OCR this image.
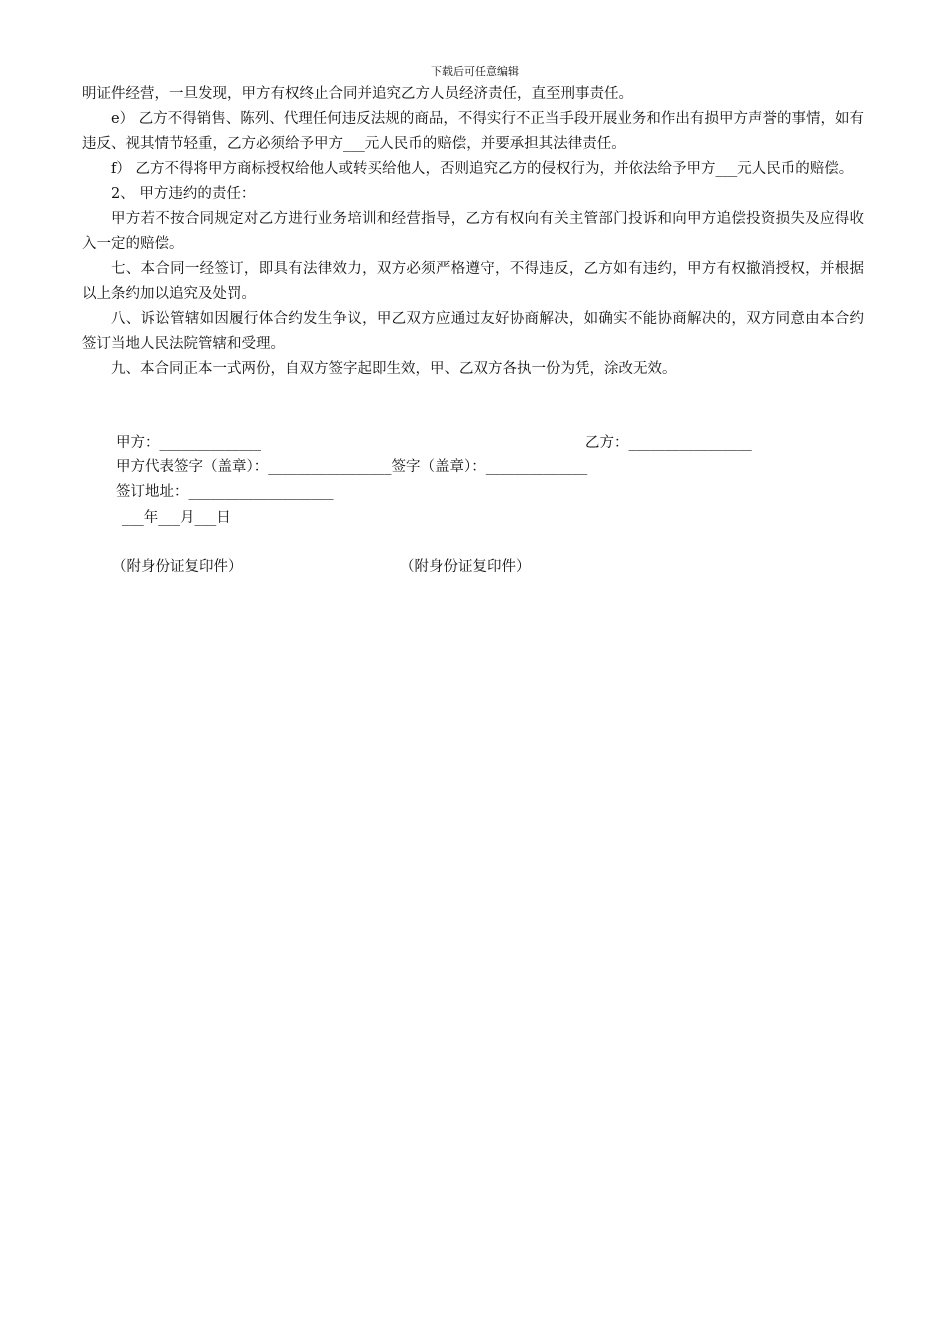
下载后可任意编辑

明证件经营，一旦发现，甲方有权终止合同并追究乙方人员经济责任，直至刑事责任。

e） 乙方不得销售、陈列、代理任何违反法规的商品，不得实行不正当手段开展业务和作出有损甲方声誉的事情，如有违反、视其情节轻重，乙方必须给予甲方___元人民币的赔偿，并要承担其法律责任。

f） 乙方不得将甲方商标授权给他人或转买给他人，否则追究乙方的侵权行为，并依法给予甲方___元人民币的赔偿。

2、 甲方违约的责任：

甲方若不按合同规定对乙方进行业务培训和经营指导，乙方有权向有关主管部门投诉和向甲方追偿投资损失及应得收入一定的赔偿。

七、本合同一经签订，即具有法律效力，双方必须严格遵守，不得违反，乙方如有违约，甲方有权撤消授权，并根据以上条约加以追究及处罚。

八、诉讼管辖如因履行体合约发生争议，甲乙双方应通过友好协商解决，如确实不能协商解决的，双方同意由本合约签订当地人民法院管辖和受理。

九、本合同正本一式两份，自双方签字起即生效，甲、乙双方各执一份为凭，涂改无效。

甲方：______________	乙方：_________________
甲方代表签字（盖章）：_________________签字（盖章）：______________
签订地址：____________________
___年___月___日
（附身份证复印件）	（附身份证复印件）
